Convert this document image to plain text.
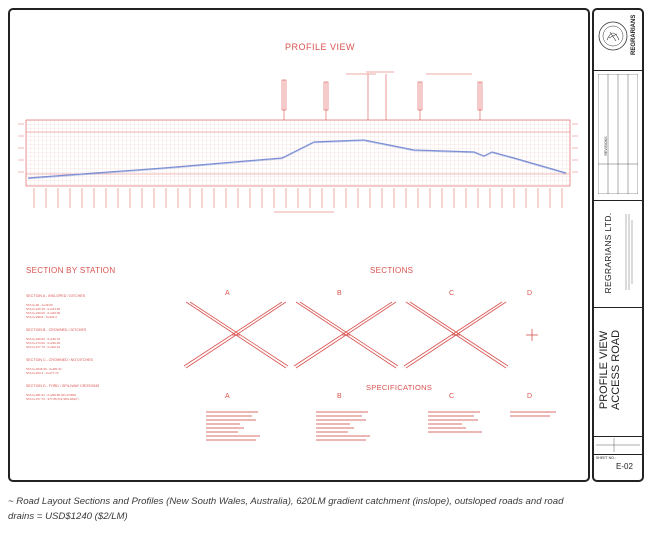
REGRARIANS
REVISIONS
REGRARIANS LTD.
PROFILE VIEW ACCESS ROAD
SHEET NO.:
E-02
PROFILE VIEW
SECTION BY STATION
SECTION A - INSLOPED / DITCHES
STA 0+00 - 0+49.60
STA 0+126.15 - 0+151.60
STA 0+230.00 - 0+246.00
STA 0+299.8 - 0+323.4
SECTION B - CROWNED / DITCHES
STA 0+049.60 - 0+126.15
STA 0+173.00 - 0+230.00
STA 0+377.70 - 0+402.10
SECTION C - CROWNED / NO DITCHES
STA 0+0246.00 - 0+281.91
STA 0+323.4 - 0+377.70
SECTION D - FORD / SPILLWAY CROSSING
STA 0+281.91 - 0+299.80 (D1 FORD)
STA 0+377.70 - 377.80 (D2 SPILLWAY)
SECTIONS
A	B	C	D
SPECIFICATIONS
A	B	C	D
~ Road Layout Sections and Profiles (New South Wales, Australia), 620LM gradient catchment (inslope), outsloped roads and road
drains = USD$1240 ($2/LM)
